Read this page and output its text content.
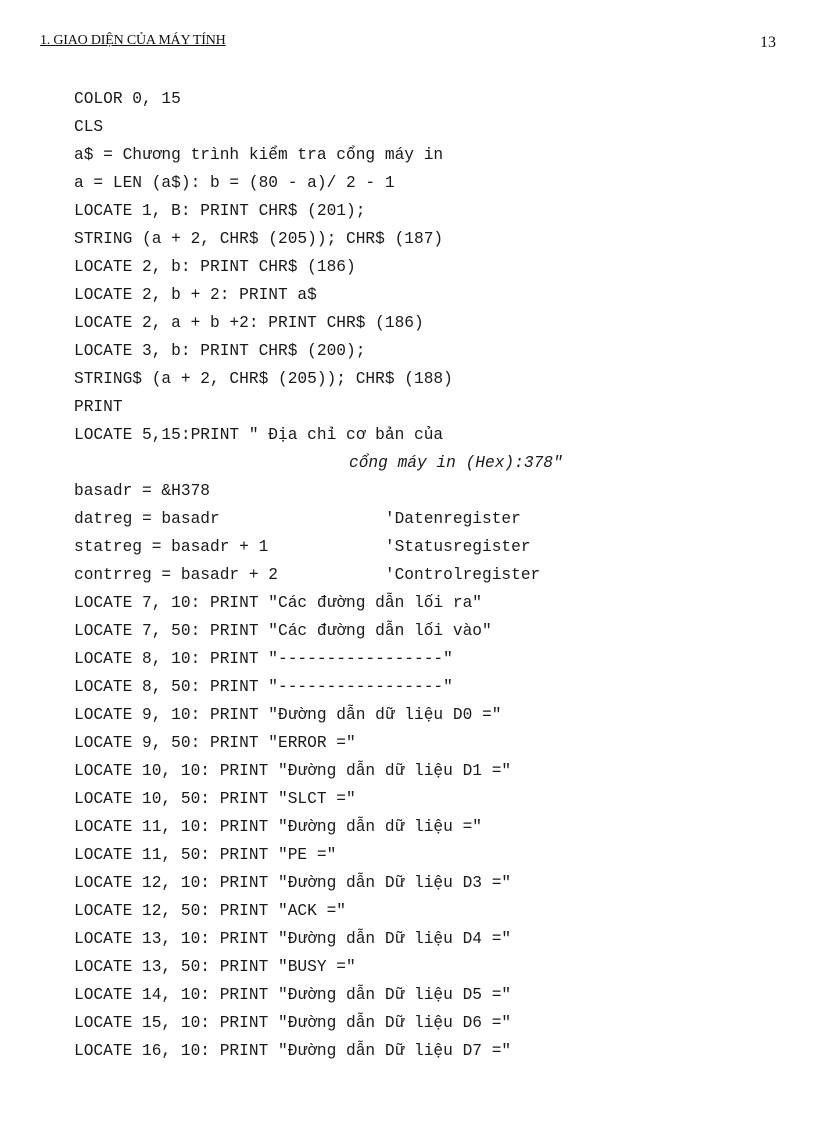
1. GIAO DIỆN CỦA MÁY TÍNH	13
COLOR 0, 15
CLS
a$ = Chương trình kiểm tra cổng máy in
a = LEN (a$): b = (80 - a)/ 2 - 1
LOCATE 1, B: PRINT CHR$ (201);
STRING (a + 2, CHR$ (205)); CHR$ (187)
LOCATE 2, b: PRINT CHR$ (186)
LOCATE 2, b + 2: PRINT a$
LOCATE 2, a + b +2: PRINT CHR$ (186)
LOCATE 3, b: PRINT CHR$ (200);
STRING$ (a + 2, CHR$ (205)); CHR$ (188)
PRINT
LOCATE 5,15:PRINT " Địa chỉ cơ bản của
cổng máy in (Hex):378"
basadr = &H378
datreg = basadr                 'Datenregister
statreg = basadr + 1            'Statusregister
contrreg = basadr + 2           'Controlregister
LOCATE 7, 10: PRINT "Các đường dẫn lối ra"
LOCATE 7, 50: PRINT "Các đường dẫn lối vào"
LOCATE 8, 10: PRINT "-----------------"
LOCATE 8, 50: PRINT "-----------------"
LOCATE 9, 10: PRINT "Đường dẫn dữ liệu D0 ="
LOCATE 9, 50: PRINT "ERROR ="
LOCATE 10, 10: PRINT "Đường dẫn dữ liệu D1 ="
LOCATE 10, 50: PRINT "SLCT ="
LOCATE 11, 10: PRINT "Đường dẫn dữ liệu ="
LOCATE 11, 50: PRINT "PE ="
LOCATE 12, 10: PRINT "Đường dẫn Dữ liệu D3 ="
LOCATE 12, 50: PRINT "ACK ="
LOCATE 13, 10: PRINT "Đường dẫn Dữ liệu D4 ="
LOCATE 13, 50: PRINT "BUSY ="
LOCATE 14, 10: PRINT "Đường dẫn Dữ liệu D5 ="
LOCATE 15, 10: PRINT "Đường dẫn Dữ liệu D6 ="
LOCATE 16, 10: PRINT "Đường dẫn Dữ liệu D7 ="
